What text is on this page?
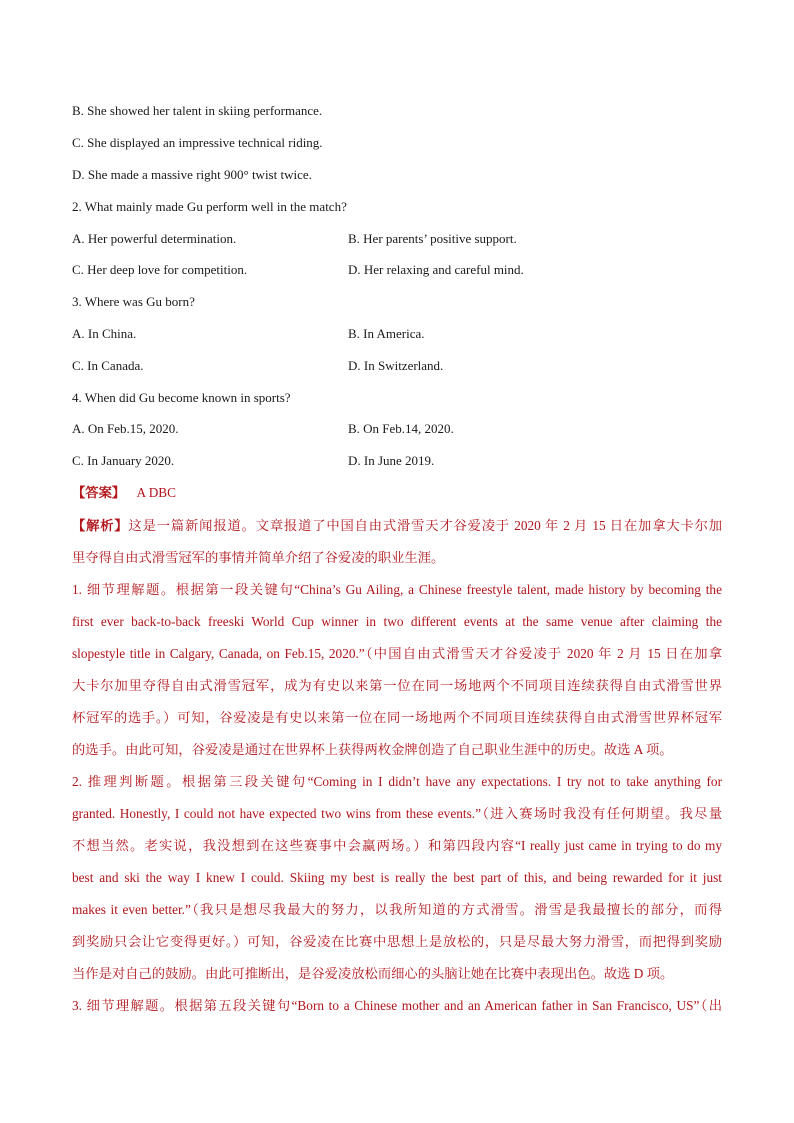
B. She showed her talent in skiing performance.
C. She displayed an impressive technical riding.
D. She made a massive right 900° twist twice.
2. What mainly made Gu perform well in the match?
A. Her powerful determination.	B. Her parents’ positive support.
C. Her deep love for competition.	D. Her relaxing and careful mind.
3. Where was Gu born?
A. In China.	B. In America.
C. In Canada.	D. In Switzerland.
4. When did Gu become known in sports?
A. On Feb.15, 2020.	B. On Feb.14, 2020.
C. In January 2020.	D. In June 2019.
【答案】 A DBC
【解析】这是一篇新闻报道。文章报道了中国自由式滑雪天才谷爱凌于 2020 年 2 月 15 日在加拿大卡尔加
里夺得自由式滑雪冠军的事情并简单介绍了谷爱凌的职业生涯。
1. 细节理解题。根据第一段关键句“China’s Gu Ailing, a Chinese freestyle talent, made history by becoming the
first ever back-to-back freeski World Cup winner in two different events at the same venue after claiming the
slopestyle title in Calgary, Canada, on Feb.15, 2020.”（中国自由式滑雪天才谷爱凌于 2020 年 2 月 15 日在加拿
大卡尔加里夺得自由式滑雪冠军，成为有史以来第一位在同一场地两个不同项目连续获得自由式滑雪世界
杯冠军的选手。）可知，谷爱凌是有史以来第一位在同一场地两个不同项目连续获得自由式滑雪世界杯冠军
的选手。由此可知，谷爱凌是通过在世界杯上获得两枚金牌创造了自己职业生涯中的历史。故选 A 项。
2. 推理判断题。根据第三段关键句“Coming in I didn’t have any expectations. I try not to take anything for
granted. Honestly, I could not have expected two wins from these events.”（进入赛场时我没有任何期望。我尽量
不想当然。老实说，我没想到在这些赛事中会赢两场。）和第四段内容“I really just came in trying to do my
best and ski the way I knew I could. Skiing my best is really the best part of this, and being rewarded for it just
makes it even better.”（我只是想尽我最大的努力，以我所知道的方式滑雪。滑雪是我最擅长的部分，而得
到奖励只会让它变得更好。）可知，谷爱凌在比赛中思想上是放松的，只是尽最大努力滑雪，而把得到奖励
当作是对自己的鼓励。由此可推断出，是谷爱凌放松而细心的头脑让她在比赛中表现出色。故选 D 项。
3. 细节理解题。根据第五段关键句“Born to a Chinese mother and an American father in San Francisco, US”（出
